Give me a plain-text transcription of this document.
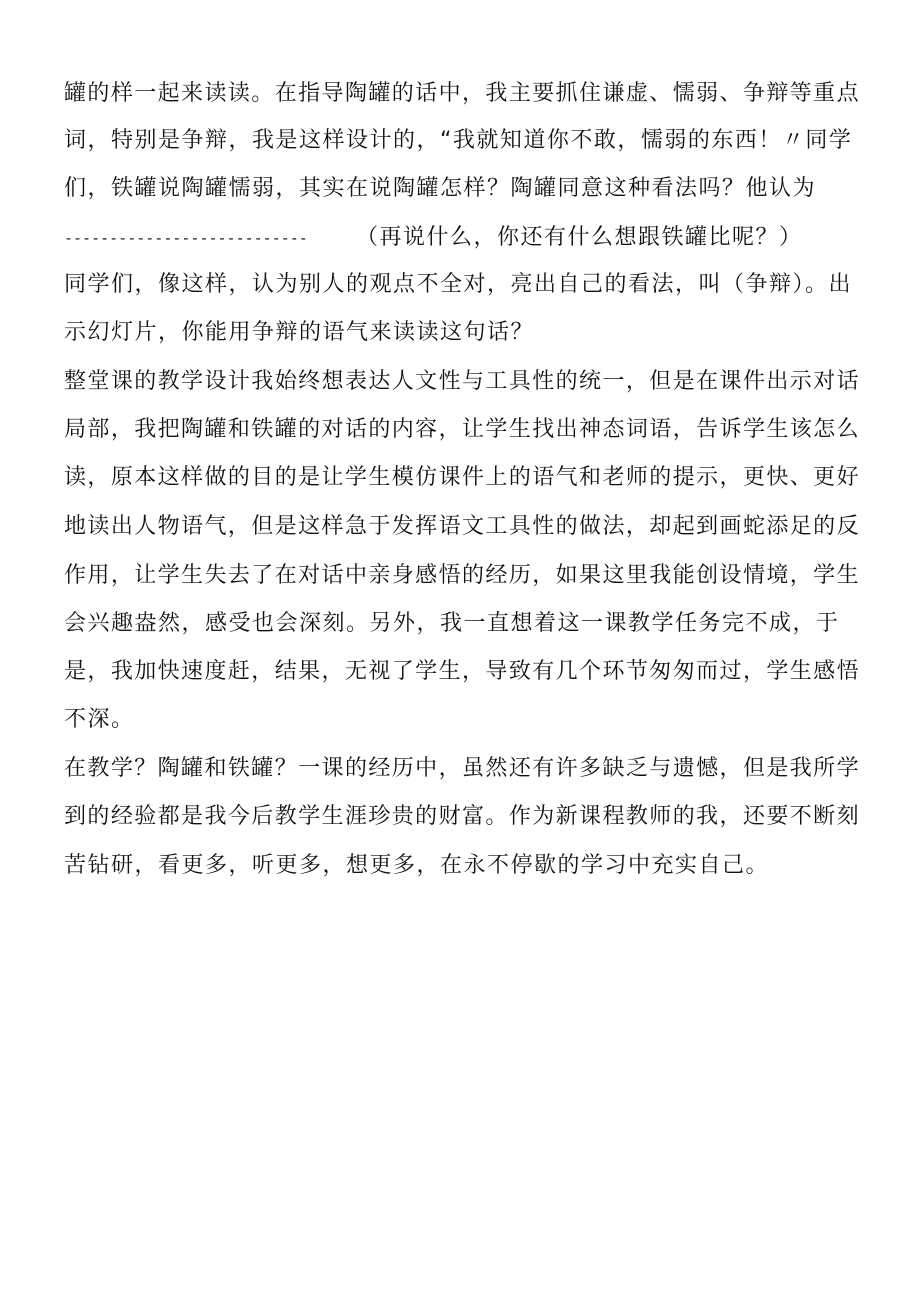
罐的样一起来读读。在指导陶罐的话中，我主要抓住谦虚、懦弱、争辩等重点
词，特别是争辩，我是这样设计的，“我就知道你不敢，懦弱的东西！〃同学
们，铁罐说陶罐懦弱，其实在说陶罐怎样？陶罐同意这种看法吗？他认为
--------------------------- （再说什么，你还有什么想跟铁罐比呢？）
同学们，像这样，认为别人的观点不全对，亮出自己的看法，叫（争辩）。出
示幻灯片，你能用争辩的语气来读读这句话？
整堂课的教学设计我始终想表达人文性与工具性的统一，但是在课件出示对话
局部，我把陶罐和铁罐的对话的内容，让学生找出神态词语，告诉学生该怎么
读，原本这样做的目的是让学生模仿课件上的语气和老师的提示，更快、更好
地读出人物语气，但是这样急于发挥语文工具性的做法，却起到画蛇添足的反
作用，让学生失去了在对话中亲身感悟的经历，如果这里我能创设情境，学生
会兴趣盎然，感受也会深刻。另外，我一直想着这一课教学任务完不成，于
是，我加快速度赶，结果，无视了学生，导致有几个环节匆匆而过，学生感悟
不深。
在教学？陶罐和铁罐？一课的经历中，虽然还有许多缺乏与遗憾，但是我所学
到的经验都是我今后教学生涯珍贵的财富。作为新课程教师的我，还要不断刻
苦钻研，看更多，听更多，想更多，在永不停歇的学习中充实自己。
